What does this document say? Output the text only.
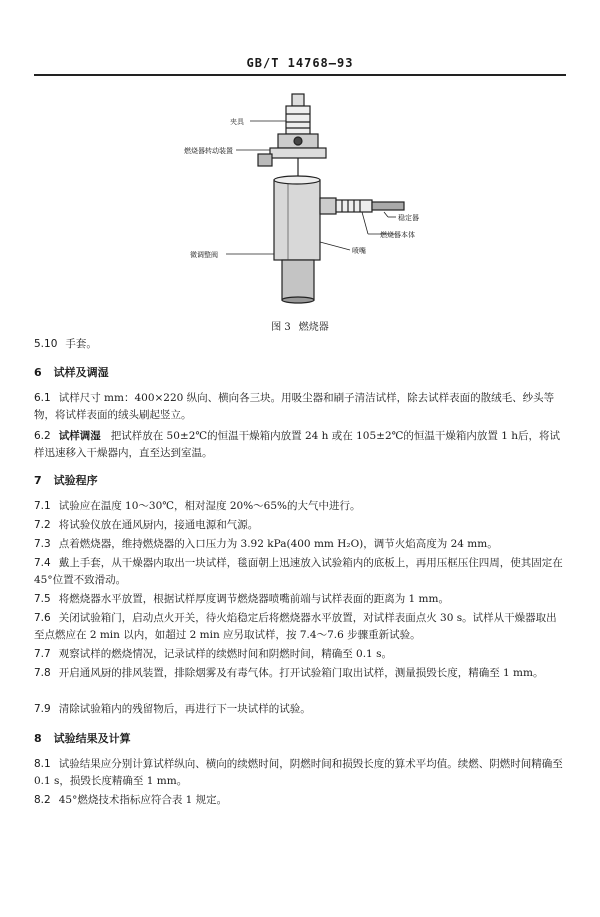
GB/T 14768—93
夹具
燃烧器转动装置
稳定器
燃烧器本体
喷嘴
微调整阀
图 3 燃烧器
5.10 手套。
6 试样及调湿
6.1 试样尺寸 mm：400×220 纵向、横向各三块。用吸尘器和刷子清洁试样，除去试样表面的散绒毛、纱头等物，将试样表面的绒头刷起竖立。
6.2 试样调湿 把试样放在 50±2℃的恒温干燥箱内放置 24 h 或在 105±2℃的恒温干燥箱内放置 1 h后，将试样迅速移入干燥器内，直至达到室温。
7 试验程序
7.1 试验应在温度 10～30℃，相对湿度 20%～65%的大气中进行。
7.2 将试验仪放在通风厨内，接通电源和气源。
7.3 点着燃烧器，维持燃烧器的入口压力为 3.92 kPa(400 mm H₂O)，调节火焰高度为 24 mm。
7.4 戴上手套，从干燥器内取出一块试样，毯面朝上迅速放入试验箱内的底板上，再用压框压住四周，使其固定在 45°位置不致滑动。
7.5 将燃烧器水平放置，根据试样厚度调节燃烧器喷嘴前端与试样表面的距离为 1 mm。
7.6 关闭试验箱门，启动点火开关，待火焰稳定后将燃烧器水平放置，对试样表面点火 30 s。试样从干燥器取出至点燃应在 2 min 以内，如超过 2 min 应另取试样，按 7.4～7.6 步骤重新试验。
7.7 观察试样的燃烧情况，记录试样的续燃时间和阴燃时间，精确至 0.1 s。
7.8 开启通风厨的排风装置，排除烟雾及有毒气体。打开试验箱门取出试样，测量损毁长度，精确至 1 mm。
7.9 清除试验箱内的残留物后，再进行下一块试样的试验。
8 试验结果及计算
8.1 试验结果应分别计算试样纵向、横向的续燃时间，阴燃时间和损毁长度的算术平均值。续燃、阴燃时间精确至 0.1 s，损毁长度精确至 1 mm。
8.2 45°燃烧技术指标应符合表 1 规定。
